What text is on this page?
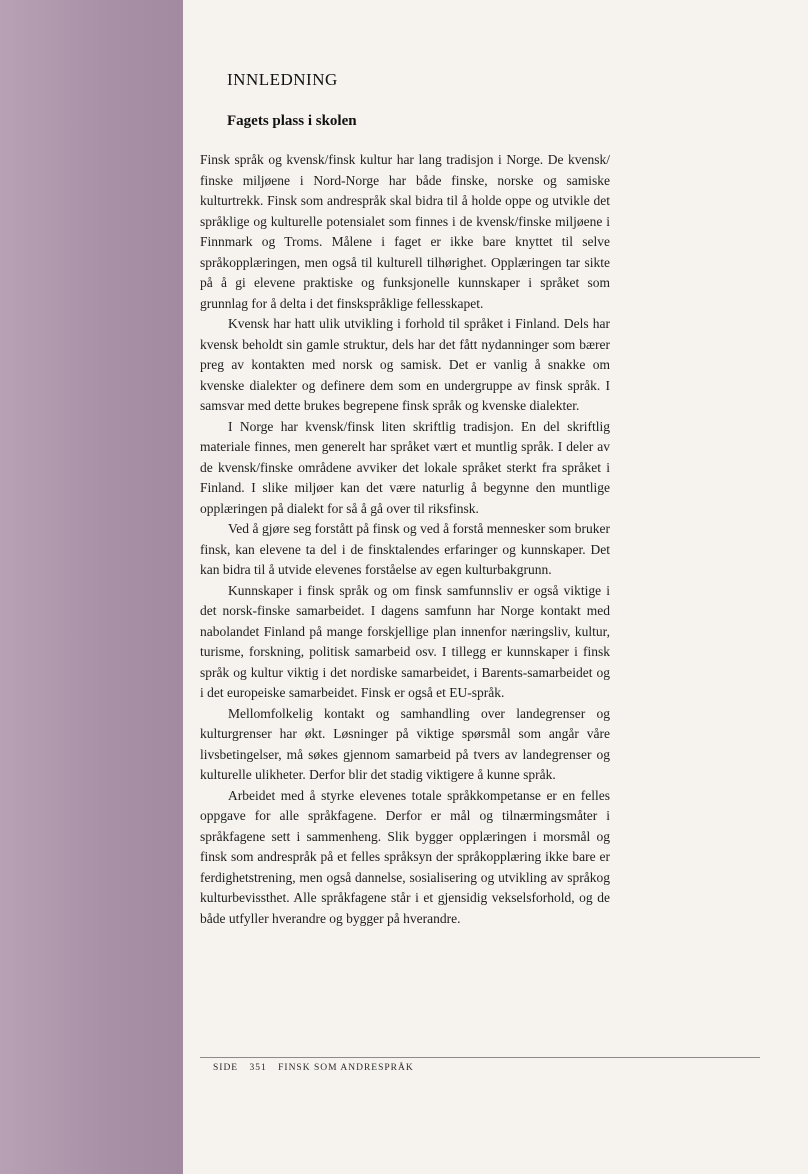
INNLEDNING
Fagets plass i skolen

Finsk språk og kvensk/finsk kultur har lang tradisjon i Norge. De kvensk/ finske miljøene i Nord-Norge har både finske, norske og samiske kulturtrekk. Finsk som andrespråk skal bidra til å holde oppe og utvikle det språklige og kulturelle potensialet som finnes i de kvensk/finske miljøene i Finnmark og Troms. Målene i faget er ikke bare knyttet til selve språkopplæringen, men også til kulturell tilhørighet. Opplæringen tar sikte på å gi elevene praktiske og funksjonelle kunnskaper i språket som grunnlag for å delta i det finskspråklige fellesskapet.

Kvensk har hatt ulik utvikling i forhold til språket i Finland. Dels har kvensk beholdt sin gamle struktur, dels har det fått nydanninger som bærer preg av kontakten med norsk og samisk. Det er vanlig å snakke om kvenske dialekter og definere dem som en undergruppe av finsk språk. I samsvar med dette brukes begrepene finsk språk og kvenske dialekter.

I Norge har kvensk/finsk liten skriftlig tradisjon. En del skriftlig materiale finnes, men generelt har språket vært et muntlig språk. I deler av de kvensk/finske områdene avviker det lokale språket sterkt fra språket i Finland. I slike miljøer kan det være naturlig å begynne den muntlige opplæringen på dialekt for så å gå over til riksfinsk.

Ved å gjøre seg forstått på finsk og ved å forstå mennesker som bruker finsk, kan elevene ta del i de finsktalendes erfaringer og kunnskaper. Det kan bidra til å utvide elevenes forståelse av egen kulturbakgrunn.

Kunnskaper i finsk språk og om finsk samfunnsliv er også viktige i det norsk-finske samarbeidet. I dagens samfunn har Norge kontakt med nabolandet Finland på mange forskjellige plan innenfor næringsliv, kultur, turisme, forskning, politisk samarbeid osv. I tillegg er kunnskaper i finsk språk og kultur viktig i det nordiske samarbeidet, i Barents-samarbeidet og i det europeiske samarbeidet. Finsk er også et EU-språk.

Mellomfolkelig kontakt og samhandling over landegrenser og kulturgrenser har økt. Løsninger på viktige spørsmål som angår våre livsbetingelser, må søkes gjennom samarbeid på tvers av landegrenser og kulturelle ulikheter. Derfor blir det stadig viktigere å kunne språk.

Arbeidet med å styrke elevenes totale språkkompetanse er en felles oppgave for alle språkfagene. Derfor er mål og tilnærmingsmåter i språkfagene sett i sammenheng. Slik bygger opplæringen i morsmål og finsk som andrespråk på et felles språksyn der språkopplæring ikke bare er ferdighetstrening, men også dannelse, sosialisering og utvikling av språkog kulturbevissthet. Alle språkfagene står i et gjensidig vekselsforhold, og de både utfyller hverandre og bygger på hverandre.

SIDE 351 FINSK SOM ANDRESPRÅK
